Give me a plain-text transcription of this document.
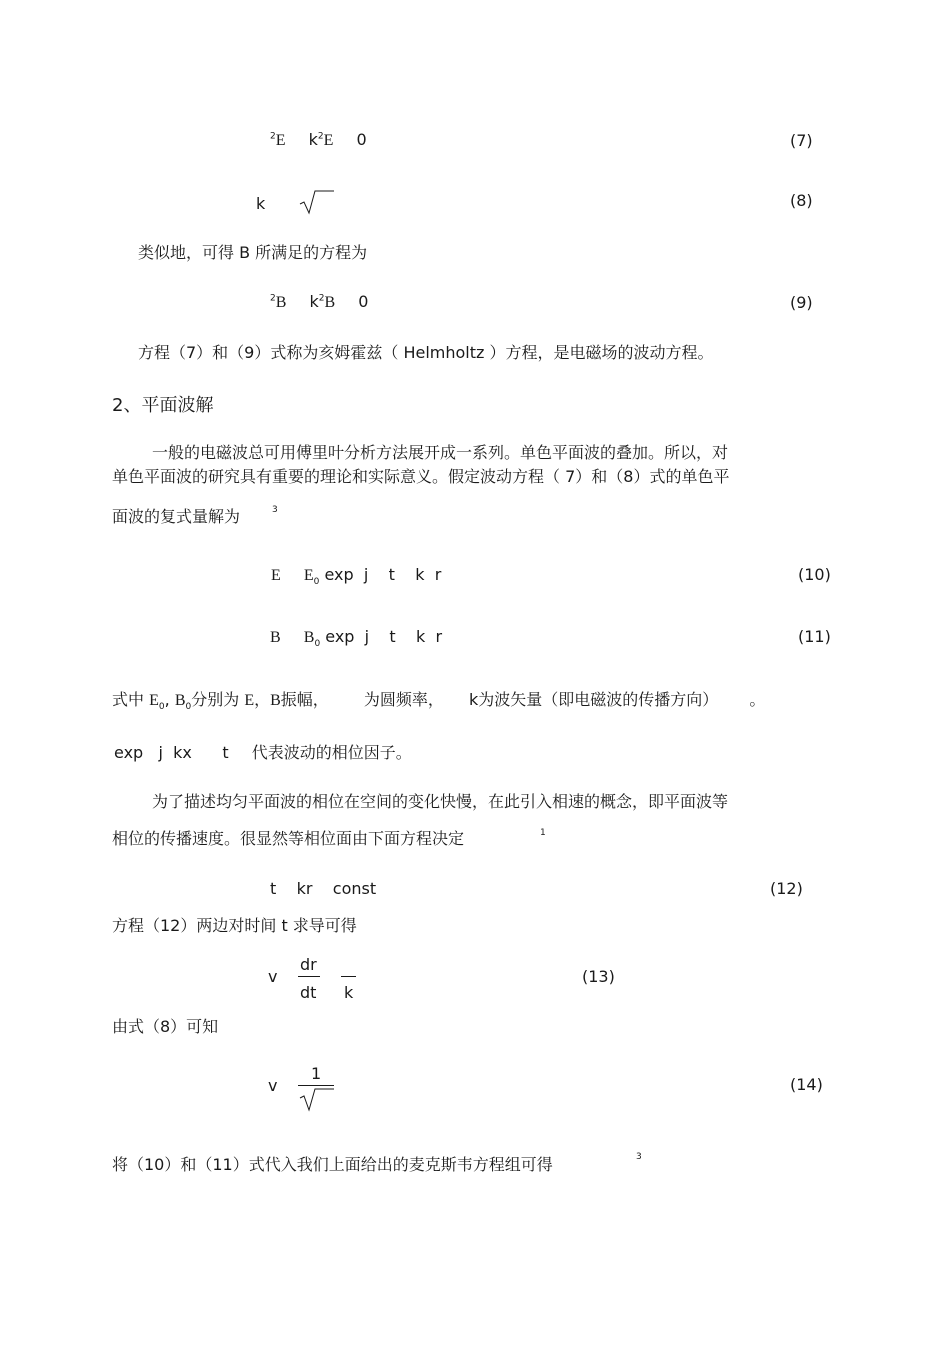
$^2$E $k^2E$ 0	(7)
k	(8)
类似地，可得 B 所满足的方程为
$^2$B $k^2B$ 0	(9)
方程（7）和（9）式称为亥姆霍兹（ Helmholtz ）方程，是电磁场的波动方程。
2、平面波解
一般的电磁波总可用傅里叶分析方法展开成一系列。单色平面波的叠加。所以，对
单色平面波的研究具有重要的理论和实际意义。假定波动方程（ 7）和（8）式的单色平
面波的复式量解为	3
E $E_0$ exp  j    t    k  r	(10)
B $B_0$ exp  j    t    k  r	(11)
式中 $E_0$, $B_0$分别为 E，B振幅， 为圆频率， k为波矢量（即电磁波的传播方向） 。
exp   j  kx      t 代表波动的相位因子。
为了描述均匀平面波的相位在空间的变化快慢，在此引入相速的概念，即平面波等
相位的传播速度。很显然等相位面由下面方程决定	1
t    kr    const	(12)
方程（12）两边对时间 t 求导可得
v
dr
dt k
(13)
由式（8）可知
v
1
(14)
将（10）和（11）式代入我们上面给出的麦克斯韦方程组可得	3
